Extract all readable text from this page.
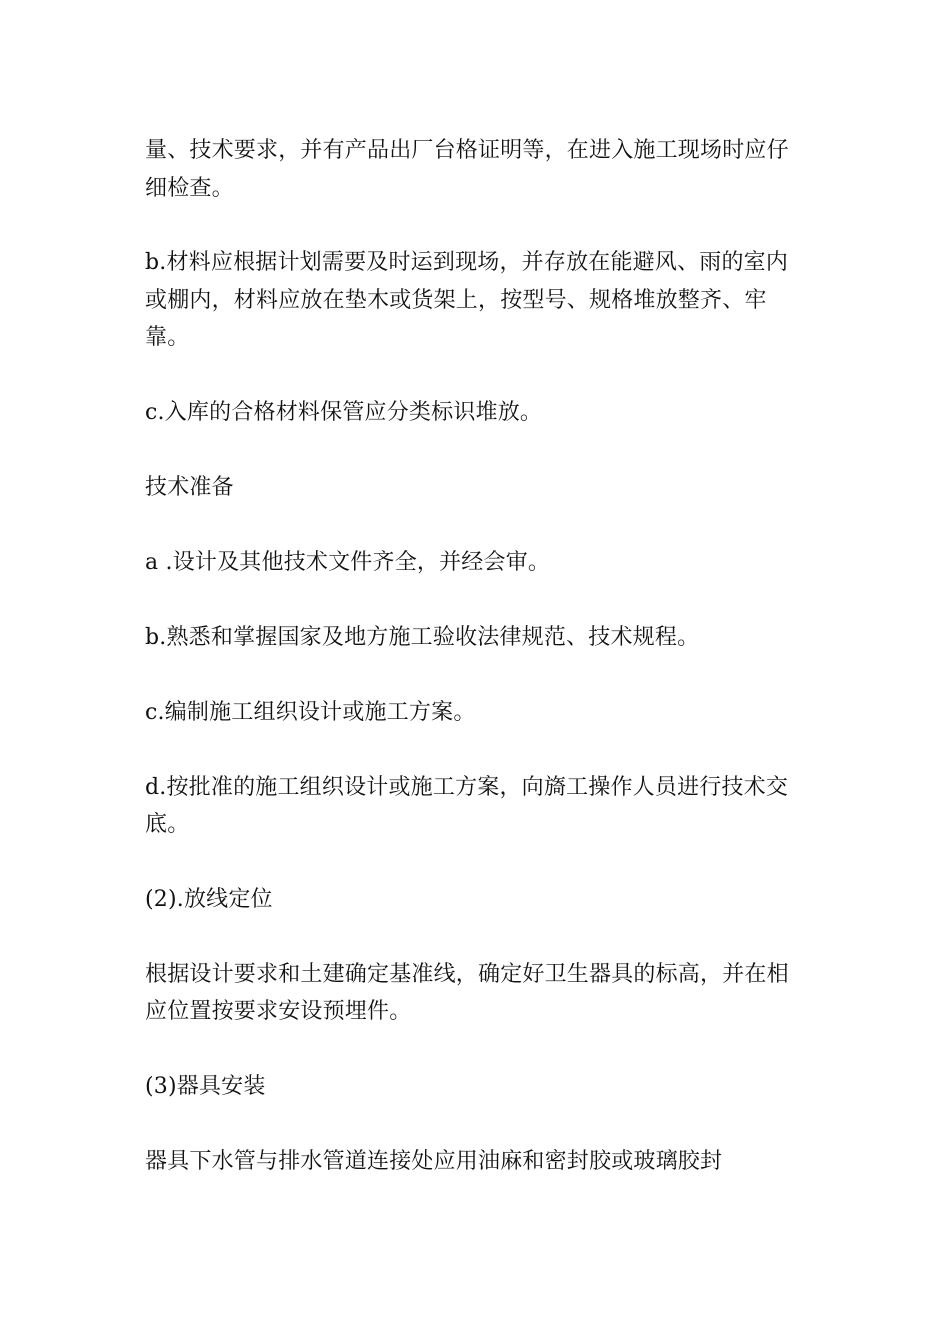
量、技术要求，并有产品出厂台格证明等，在进入施工现场时应仔细检查。

b.材料应根据计划需要及时运到现场，并存放在能避风、雨的室内或棚内，材料应放在垫木或货架上，按型号、规格堆放整齐、牢靠。

c.入库的合格材料保管应分类标识堆放。

技术准备

a .设计及其他技术文件齐全，并经会审。

b.熟悉和掌握国家及地方施工验收法律规范、技术规程。

c.编制施工组织设计或施工方案。

d.按批准的施工组织设计或施工方案，向旖工操作人员进行技术交底。

(2).放线定位

根据设计要求和土建确定基准线，确定好卫生器具的标高，并在相应位置按要求安设预埋件。

(3)器具安装

器具下水管与排水管道连接处应用油麻和密封胶或玻璃胶封
